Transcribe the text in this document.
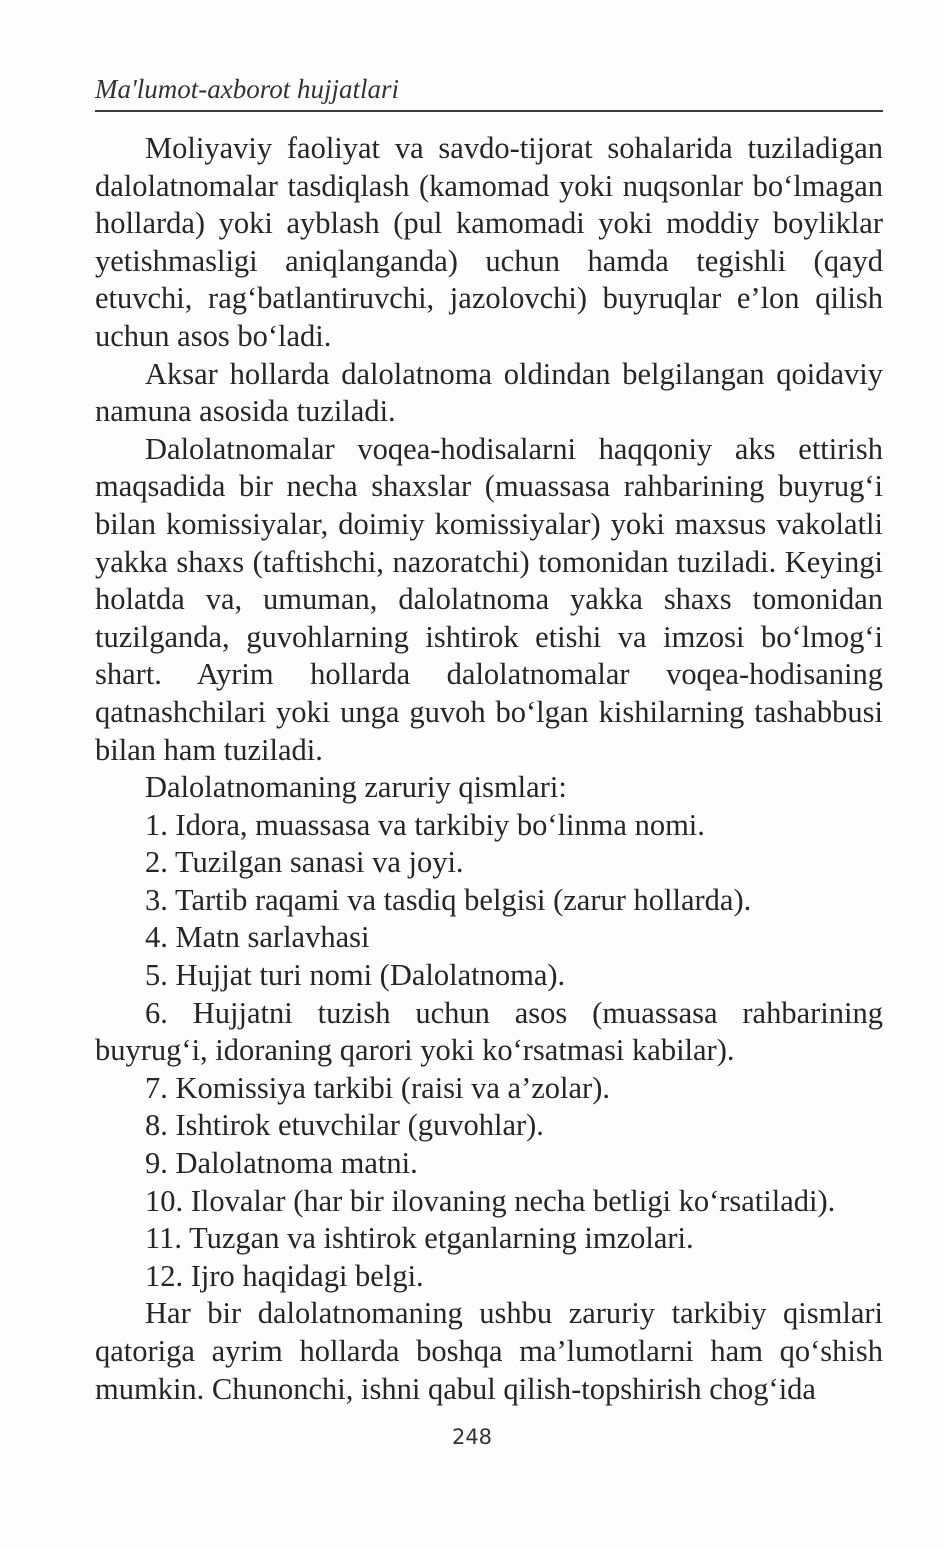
Ma'lumot-axborot hujjatlari

Moliyaviy faoliyat va savdo-tijorat sohalarida tuziladigan dalolatnomalar tasdiqlash (kamomad yoki nuqsonlar bo‘lmagan hollarda) yoki ayblash (pul kamomadi yoki moddiy boyliklar yetishmasligi aniqlanganda) uchun hamda tegishli (qayd etuvchi, rag‘batlantiruvchi, jazolovchi) buyruqlar e’lon qilish uchun asos bo‘ladi.

Aksar hollarda dalolatnoma oldindan belgilangan qoidaviy namuna asosida tuziladi.

Dalolatnomalar voqea-hodisalarni haqqoniy aks ettirish maqsadida bir necha shaxslar (muassasa rahbarining buyrug‘i bilan komissiyalar, doimiy komissiyalar) yoki maxsus vakolatli yakka shaxs (taftishchi, nazoratchi) tomonidan tuziladi. Keyingi holatda va, umuman, dalolatnoma yakka shaxs tomonidan tuzilganda, guvohlarning ishtirok etishi va imzosi bo‘lmog‘i shart. Ayrim hollarda dalolatnomalar voqea-hodisaning qatnashchilari yoki unga guvoh bo‘lgan kishilarning tashabbusi bilan ham tuziladi.

Dalolatnomaning zaruriy qismlari:

1. Idora, muassasa va tarkibiy bo‘linma nomi.

2. Tuzilgan sanasi va joyi.

3. Tartib raqami va tasdiq belgisi (zarur hollarda).

4. Matn sarlavhasi

5. Hujjat turi nomi (Dalolatnoma).

6. Hujjatni tuzish uchun asos (muassasa rahbarining buyrug‘i, idoraning qarori yoki ko‘rsatmasi kabilar).

7. Komissiya tarkibi (raisi va a’zolar).

8. Ishtirok etuvchilar (guvohlar).

9. Dalolatnoma matni.

10. Ilovalar (har bir ilovaning necha betligi ko‘rsatiladi).

11. Tuzgan va ishtirok etganlarning imzolari.

12. Ijro haqidagi belgi.

Har bir dalolatnomaning ushbu zaruriy tarkibiy qismlari qatoriga ayrim hollarda boshqa ma’lumotlarni ham qo‘shish mumkin. Chunonchi, ishni qabul qilish-topshirish chog‘ida

248
